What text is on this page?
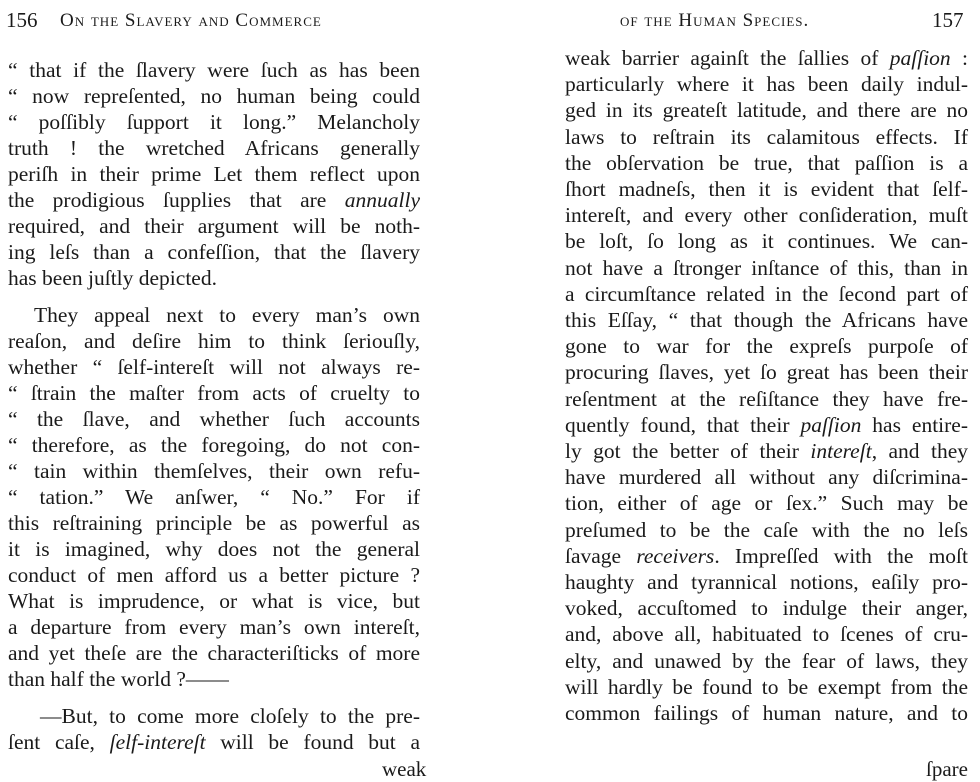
156 On the Slavery and Commerce
“ that if the ſlavery were ſuch as has been
“ now repreſented, no human being could
“ poſſibly ſupport it long.” Melancholy
truth ! the wretched Africans generally
periſh in their prime Let them reflect upon
the prodigious ſupplies that are annually
required, and their argument will be noth-
ing leſs than a confeſſion, that the ſlavery
has been juſtly depicted.
They appeal next to every man’s own
reaſon, and deſire him to think ſeriouſly,
whether “ ſelf-intereſt will not always re-
“ ſtrain the maſter from acts of cruelty to
“ the ſlave, and whether ſuch accounts
“ therefore, as the foregoing, do not con-
“ tain within themſelves, their own refu-
“ tation.” We anſwer, “ No.” For if
this reſtraining principle be as powerful as
it is imagined, why does not the general
conduct of men afford us a better picture ?
What is imprudence, or what is vice, but
a departure from every man’s own intereſt,
and yet theſe are the characteriſticks of more
than half the world ?——
—But, to come more cloſely to the pre-
ſent caſe, ſelf-intereſt will be found but a
weak
of the Human Species.	157
weak barrier againſt the ſallies of paſſion :
particularly where it has been daily indul-
ged in its greateſt latitude, and there are no
laws to reſtrain its calamitous effects. If
the obſervation be true, that paſſion is a
ſhort madneſs, then it is evident that ſelf-
intereſt, and every other conſideration, muſt
be loſt, ſo long as it continues. We can-
not have a ſtronger inſtance of this, than in
a circumſtance related in the ſecond part of
this Eſſay, “ that though the Africans have
gone to war for the expreſs purpoſe of
procuring ſlaves, yet ſo great has been their
reſentment at the reſiſtance they have fre-
quently found, that their paſſion has entire-
ly got the better of their intereſt, and they
have murdered all without any diſcrimina-
tion, either of age or ſex.” Such may be
preſumed to be the caſe with the no leſs
ſavage receivers. Impreſſed with the moſt
haughty and tyrannical notions, eaſily pro-
voked, accuſtomed to indulge their anger,
and, above all, habituated to ſcenes of cru-
elty, and unawed by the fear of laws, they
will hardly be found to be exempt from the
common failings of human nature, and to
ſpare
